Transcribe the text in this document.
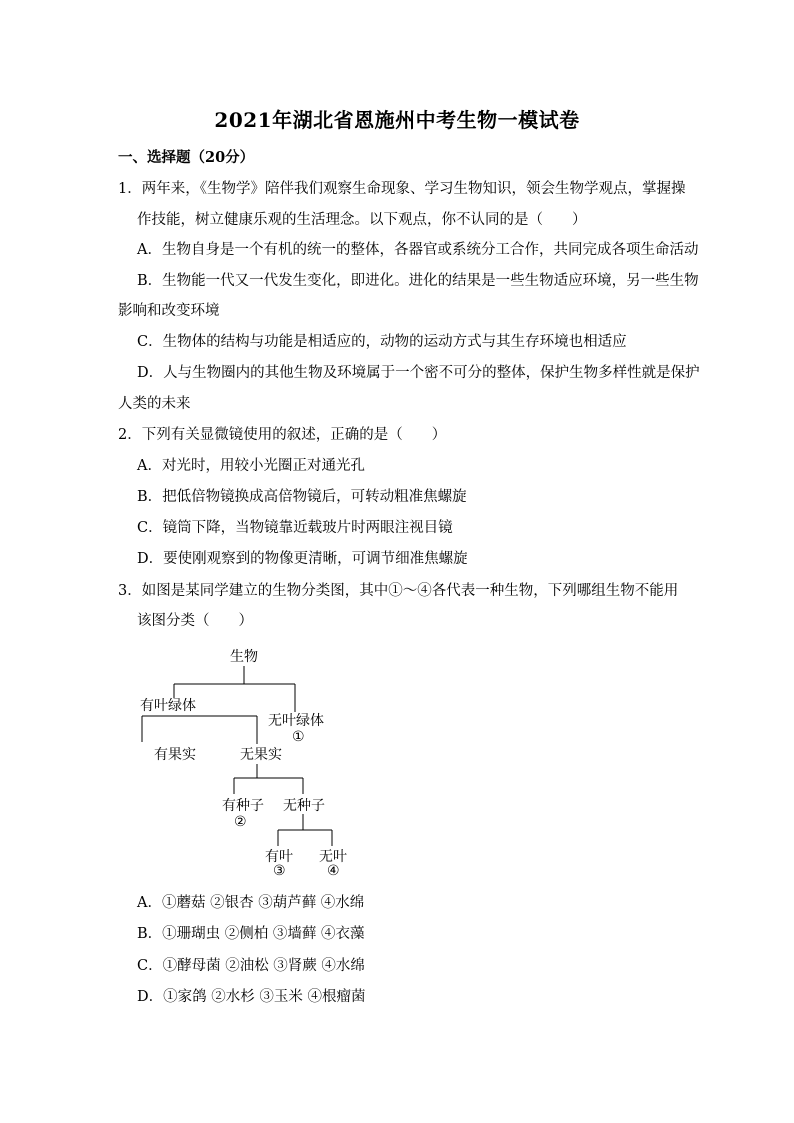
2021年湖北省恩施州中考生物一模试卷
一、选择题（20分）
1．两年来，《生物学》陪伴我们观察生命现象、学习生物知识，领会生物学观点，掌握操
作技能，树立健康乐观的生活理念。以下观点，你不认同的是（　　）
A．生物自身是一个有机的统一的整体，各器官或系统分工合作，共同完成各项生命活动
B．生物能一代又一代发生变化，即进化。进化的结果是一些生物适应环境，另一些生物
影响和改变环境
C．生物体的结构与功能是相适应的，动物的运动方式与其生存环境也相适应
D．人与生物圈内的其他生物及环境属于一个密不可分的整体，保护生物多样性就是保护
人类的未来
2．下列有关显微镜使用的叙述，正确的是（　　）
A．对光时，用较小光圈正对通光孔
B．把低倍物镜换成高倍物镜后，可转动粗准焦螺旋
C．镜筒下降，当物镜靠近载玻片时两眼注视目镜
D．要使刚观察到的物像更清晰，可调节细准焦螺旋
3．如图是某同学建立的生物分类图，其中①～④各代表一种生物，下列哪组生物不能用
该图分类（　　）
生物
有叶绿体
无叶绿体
①
有果实	无果实
有种子
②
无种子
有叶
③
无叶
④
A．①蘑菇 ②银杏 ③葫芦藓 ④水绵
B．①珊瑚虫 ②侧柏 ③墙藓 ④衣藻
C．①酵母菌 ②油松 ③肾蕨 ④水绵
D．①家鸽 ②水杉 ③玉米 ④根瘤菌
